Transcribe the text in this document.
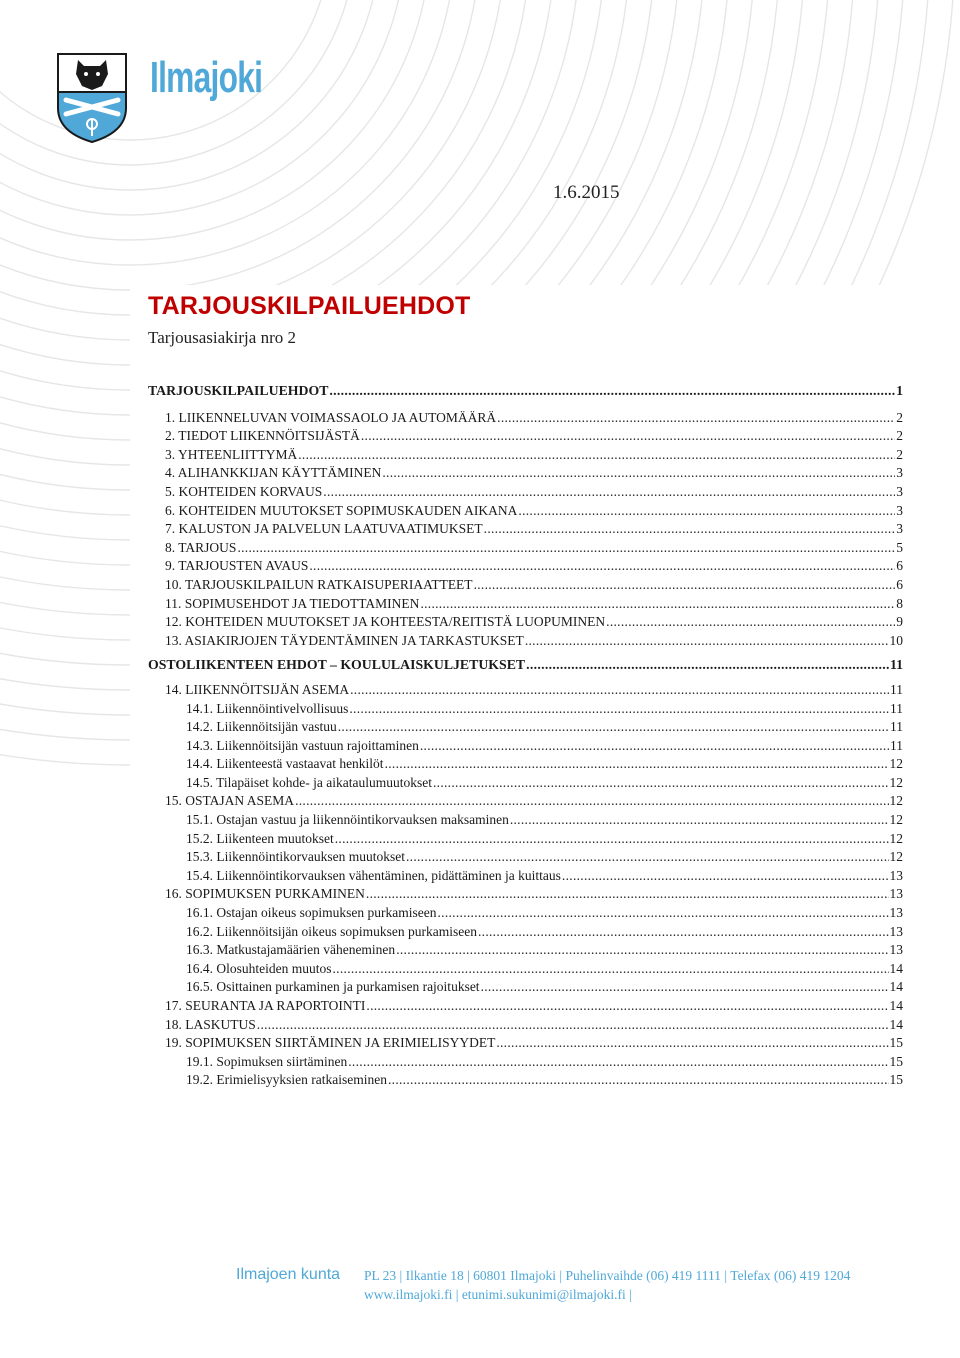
Ilmajoki
1.6.2015
TARJOUSKILPAILUEHDOT
Tarjousasiakirja nro 2
TARJOUSKILPAILUEHDOT .....	1
1. LIIKENNELUVAN VOIMASSAOLO JA AUTOMÄÄRÄ .....	2
2. TIEDOT LIIKENNÖITSIJÄSTÄ .....	2
3. YHTEENLIITTYMÄ .....	2
4. ALIHANKKIJAN KÄYTTÄMINEN .....	3
5. KOHTEIDEN KORVAUS .....	3
6. KOHTEIDEN MUUTOKSET SOPIMUSKAUDEN AIKANA .....	3
7. KALUSTON JA PALVELUN LAATUVAATIMUKSET .....	3
8. TARJOUS .....	5
9. TARJOUSTEN AVAUS .....	6
10. TARJOUSKILPAILUN RATKAISUPERIAATTEET .....	6
11. SOPIMUSEHDOT JA TIEDOTTAMINEN .....	8
12. KOHTEIDEN MUUTOKSET JA KOHTEESTA/REITISTÄ LUOPUMINEN .....	9
13. ASIAKIRJOJEN TÄYDENTÄMINEN JA TARKASTUKSET .....	10
OSTOLIIKENTEEN EHDOT – KOULULAISKULJETUKSET .....	11
14. LIIKENNÖITSIJÄN ASEMA .....	11
14.1. Liikennöintivelvollisuus .....	11
14.2. Liikennöitsijän vastuu .....	11
14.3. Liikennöitsijän vastuun rajoittaminen .....	11
14.4. Liikenteestä vastaavat henkilöt .....	12
14.5. Tilapäiset kohde- ja aikataulumuutokset .....	12
15. OSTAJAN ASEMA .....	12
15.1. Ostajan vastuu ja liikennöintikorvauksen maksaminen .....	12
15.2. Liikenteen muutokset .....	12
15.3. Liikennöintikorvauksen muutokset .....	12
15.4. Liikennöintikorvauksen vähentäminen, pidättäminen ja kuittaus .....	13
16. SOPIMUKSEN PURKAMINEN .....	13
16.1. Ostajan oikeus sopimuksen purkamiseen .....	13
16.2. Liikennöitsijän oikeus sopimuksen purkamiseen .....	13
16.3. Matkustajamäärien väheneminen .....	13
16.4. Olosuhteiden muutos .....	14
16.5. Osittainen purkaminen ja purkamisen rajoitukset .....	14
17. SEURANTA JA RAPORTOINTI .....	14
18. LASKUTUS .....	14
19. SOPIMUKSEN SIIRTÄMINEN JA ERIMIELISYYDET .....	15
19.1. Sopimuksen siirtäminen .....	15
19.2. Erimielisyyksien ratkaiseminen .....	15
Ilmajoen kunta PL 23 | Ilkantie 18 | 60801 Ilmajoki | Puhelinvaihde (06) 419 1111 | Telefax (06) 419 1204
www.ilmajoki.fi | etunimi.sukunimi@ilmajoki.fi |
